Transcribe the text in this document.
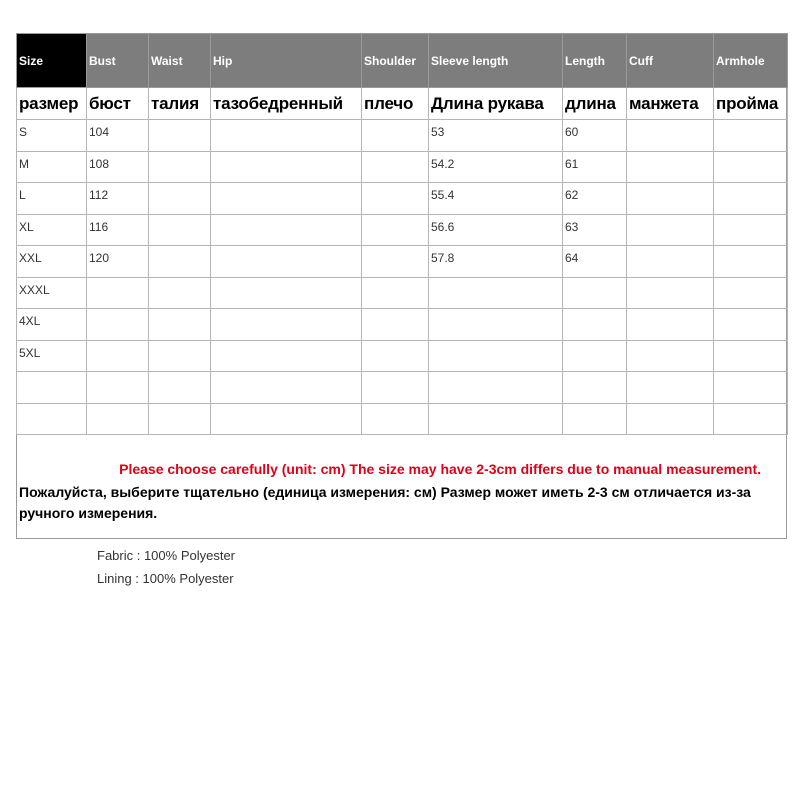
Size	Bust	Waist	Hip	Shoulder	Sleeve length	Length	Cuff	Armhole
размер	бюст	талия	тазобедренный	плечо	Длина рукава	длина	манжета	пройма
S	104				53	60		
M	108				54.2	61		
L	112				55.4	62		
XL	116				56.6	63		
XXL	120				57.8	64		
XXXL								
4XL								
5XL								

Please choose carefully (unit: cm) The size may have 2-3cm differs due to manual measurement.
Пожалуйста, выберите тщательно (единица измерения: см) Размер может иметь 2-3 см отличается из-за ручного измерения.
Fabric : 100% Polyester
Lining : 100% Polyester
